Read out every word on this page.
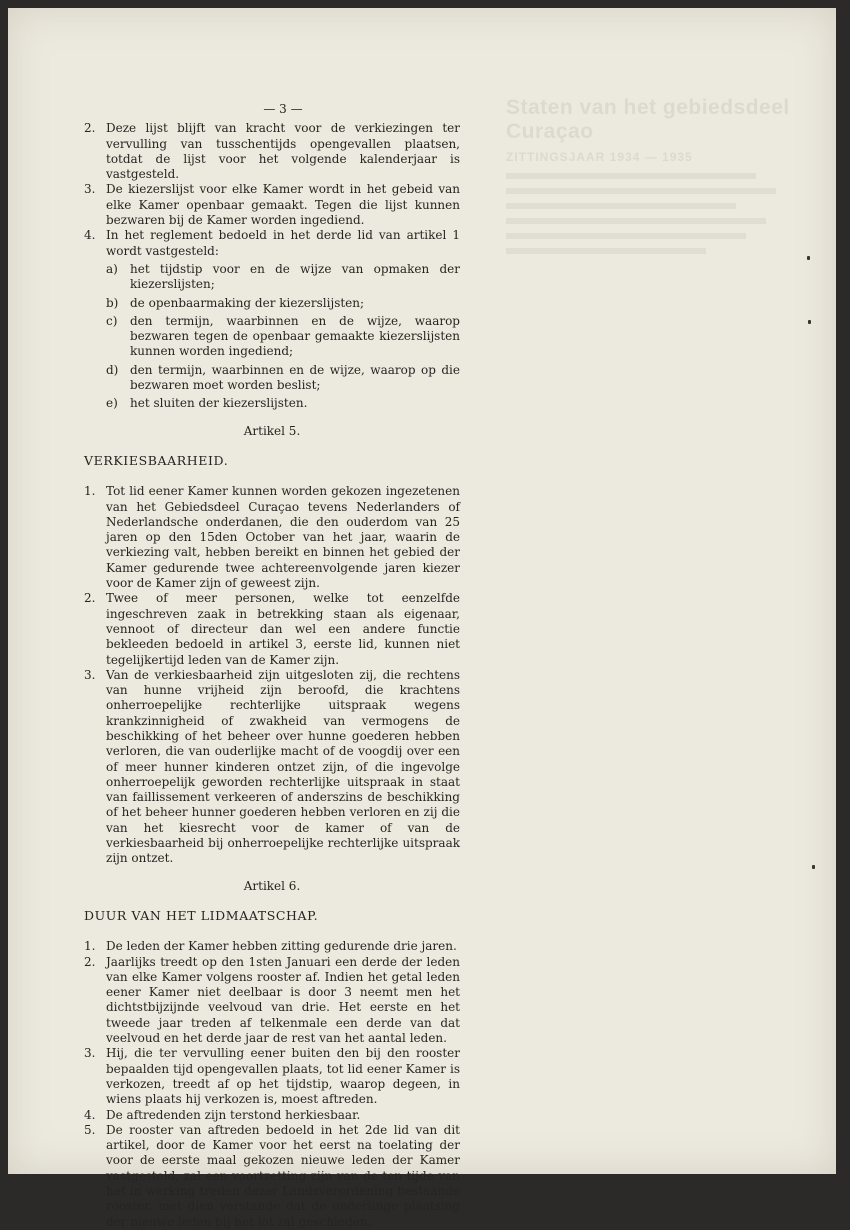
Staten van het gebiedsdeel Curaçao
ZITTINGSJAAR 1934 — 1935
— 3 —
2. Deze lijst blijft van kracht voor de verkiezingen ter vervulling van tusschentijds opengevallen plaatsen, totdat de lijst voor het volgende kalenderjaar is vastgesteld.
3. De kiezerslijst voor elke Kamer wordt in het gebeid van elke Kamer openbaar gemaakt. Tegen die lijst kunnen bezwaren bij de Kamer worden ingediend.
4. In het reglement bedoeld in het derde lid van artikel 1 wordt vastgesteld:
a) het tijdstip voor en de wijze van opmaken der kiezerslijsten;
b) de openbaarmaking der kiezerslijsten;
c) den termijn, waarbinnen en de wijze, waarop bezwaren tegen de openbaar gemaakte kiezerslijsten kunnen worden ingediend;
d) den termijn, waarbinnen en de wijze, waarop op die bezwaren moet worden beslist;
e) het sluiten der kiezerslijsten.
Artikel 5.
VERKIESBAARHEID.
1. Tot lid eener Kamer kunnen worden gekozen ingezetenen van het Gebiedsdeel Curaçao tevens Nederlanders of Nederlandsche onderdanen, die den ouderdom van 25 jaren op den 15den October van het jaar, waarin de verkiezing valt, hebben bereikt en binnen het gebied der Kamer gedurende twee achtereenvolgende jaren kiezer voor de Kamer zijn of geweest zijn.
2. Twee of meer personen, welke tot eenzelfde ingeschreven zaak in betrekking staan als eigenaar, vennoot of directeur dan wel een andere functie bekleeden bedoeld in artikel 3, eerste lid, kunnen niet tegelijkertijd leden van de Kamer zijn.
3. Van de verkiesbaarheid zijn uitgesloten zij, die rechtens van hunne vrijheid zijn beroofd, die krachtens onherroepelijke rechterlijke uitspraak wegens krankzinnigheid of zwakheid van vermogens de beschikking of het beheer over hunne goederen hebben verloren, die van ouderlijke macht of de voogdij over een of meer hunner kinderen ontzet zijn, of die ingevolge onherroepelijk geworden rechterlijke uitspraak in staat van faillissement verkeeren of anderszins de beschikking of het beheer hunner goederen hebben verloren en zij die van het kiesrecht voor de kamer of van de verkiesbaarheid bij onherroepelijke rechterlijke uitspraak zijn ontzet.
Artikel 6.
DUUR VAN HET LIDMAATSCHAP.
1. De leden der Kamer hebben zitting gedurende drie jaren.
2. Jaarlijks treedt op den 1sten Januari een derde der leden van elke Kamer volgens rooster af. Indien het getal leden eener Kamer niet deelbaar is door 3 neemt men het dichtstbijzijnde veelvoud van drie. Het eerste en het tweede jaar treden af telkenmale een derde van dat veelvoud en het derde jaar de rest van het aantal leden.
3. Hij, die ter vervulling eener buiten den bij den rooster bepaalden tijd opengevallen plaats, tot lid eener Kamer is verkozen, treedt af op het tijdstip, waarop degeen, in wiens plaats hij verkozen is, moest aftreden.
4. De aftredenden zijn terstond herkiesbaar.
5. De rooster van aftreden bedoeld in het 2de lid van dit artikel, door de Kamer voor het eerst na toelating der voor de eerste maal gekozen nieuwe leden der Kamer vastgesteld, zal een voortzetting zijn van de ten tijde van het in werking treden dezer Landsverordening bestaande rooster, met dien verstande dat de onderlinge plaatsing der nieuwe leden bij het lot zal geschieden.
